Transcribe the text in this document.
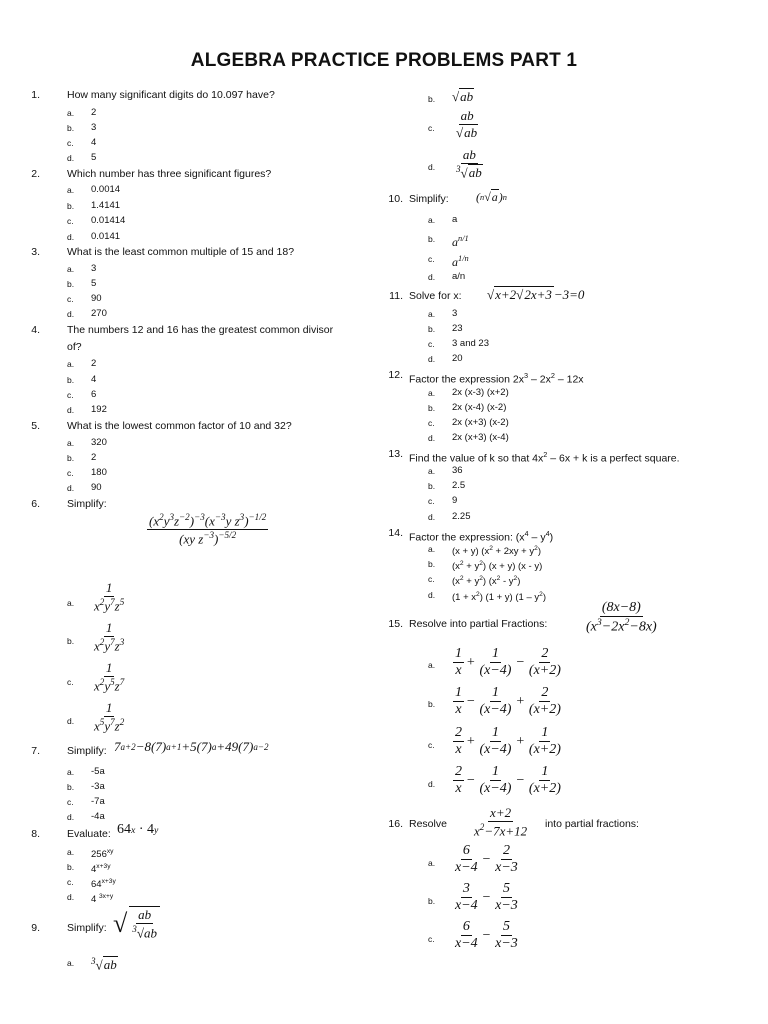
ALGEBRA PRACTICE PROBLEMS PART 1
1.	How many significant digits do 10.097 have?
a.	2
b.	3
c.	4
d.	5
2.	Which number has three significant figures?
a.	0.0014
b.	1.4141
c.	0.01414
d.	0.0141
3.	What is the least common multiple of 15 and 18?
a.	3
b.	5
c.	90
d.	270
4.	The numbers 12 and 16 has the greatest common divisor
of?
a.	2
b.	4
c.	6
d.	192
5.	What is the lowest common factor of 10 and 32?
a.	320
b.	2
c.	180
d.	90
6.	Simplify:
$\frac{(x^2y^3z^{-2})^{-3}(x^{-3}y z^3)^{-1/2}}{(xy z^{-3})^{-5/2}}$
a.	$\frac{1}{x^2y^7z^5}$
b.	$\frac{1}{x^2y^7z^3}$
c.	$\frac{1}{x^2y^5z^7}$
d.	$\frac{1}{x^5y^7z^2}$
7.	Simplify: 7 a+2 −8(7) a+1 +5(7) a +49(7) a−2
a.	-5a
b.	-3a
c.	-7a
d.	-4a
8.	Evaluate: 64 x · 4 y
a.	$256^{xy}$
b.	$4^{x+3y}$
c.	$64^{x+3y}$
d.	4 $^{3x+y}$
9.	Simplify: √ $\frac{ab}{^3√ab}$
a.	$^3$√ab
b.	√ab
c.	$\frac{ab}{√ab}$
d.	$\frac{ab}{^3√ab}$
10. Simplify: ( n √ a ) n
a.	a
b.	$a^{n/1}$
c.	$a^{1/n}$
d.	a/n
11. Solve for x: √ x+2√2x+3 −3=0
a.	3
b.	23
c.	3 and 23
d.	20
12. Factor the expression $2x^3 - 2x^2 - 12x$
a.	2x (x-3) (x+2)
b.	2x (x-4) (x-2)
c.	2x (x+3) (x-2)
d.	2x (x+3) (x-4)
13. Find the value of k so that $4x^2 - 6x + k$ is a perfect square.
a.	36
b.	2.5
c.	9
d.	2.25
14. Factor the expression: $(x^4 - y^4)$
a.	(x + y) $(x^2 + 2xy + y^2)$
b.	$(x^2 + y^2) (x + y)$ (x - y)
c.	$(x^2 + y^2)$ $(x^2 - y^2)$
d.	$(1 + x^2)$ (1 + y) $(1 - y^2)$
15. Resolve into partial Fractions:	$\frac{(8x-8)}{(x^3-2x^2-8x)}$
a.	$\frac{1}{x} + \frac{1}{(x-4)} - \frac{2}{(x+2)}$
b.	$\frac{1}{x} - \frac{1}{(x-4)} + \frac{2}{(x+2)}$
c.	$\frac{2}{x} + \frac{1}{(x-4)} + \frac{1}{(x+2)}$
d.	$\frac{2}{x} - \frac{1}{(x-4)} - \frac{1}{(x+2)}$
16. Resolve $\frac{x+2}{x^2-7x+12}$ into partial fractions:
a.	$\frac{6}{x-4} - \frac{2}{x-3}$
b.	$\frac{3}{x-4} - \frac{5}{x-3}$
c.	$\frac{6}{x-4} - \frac{5}{x-3}$
